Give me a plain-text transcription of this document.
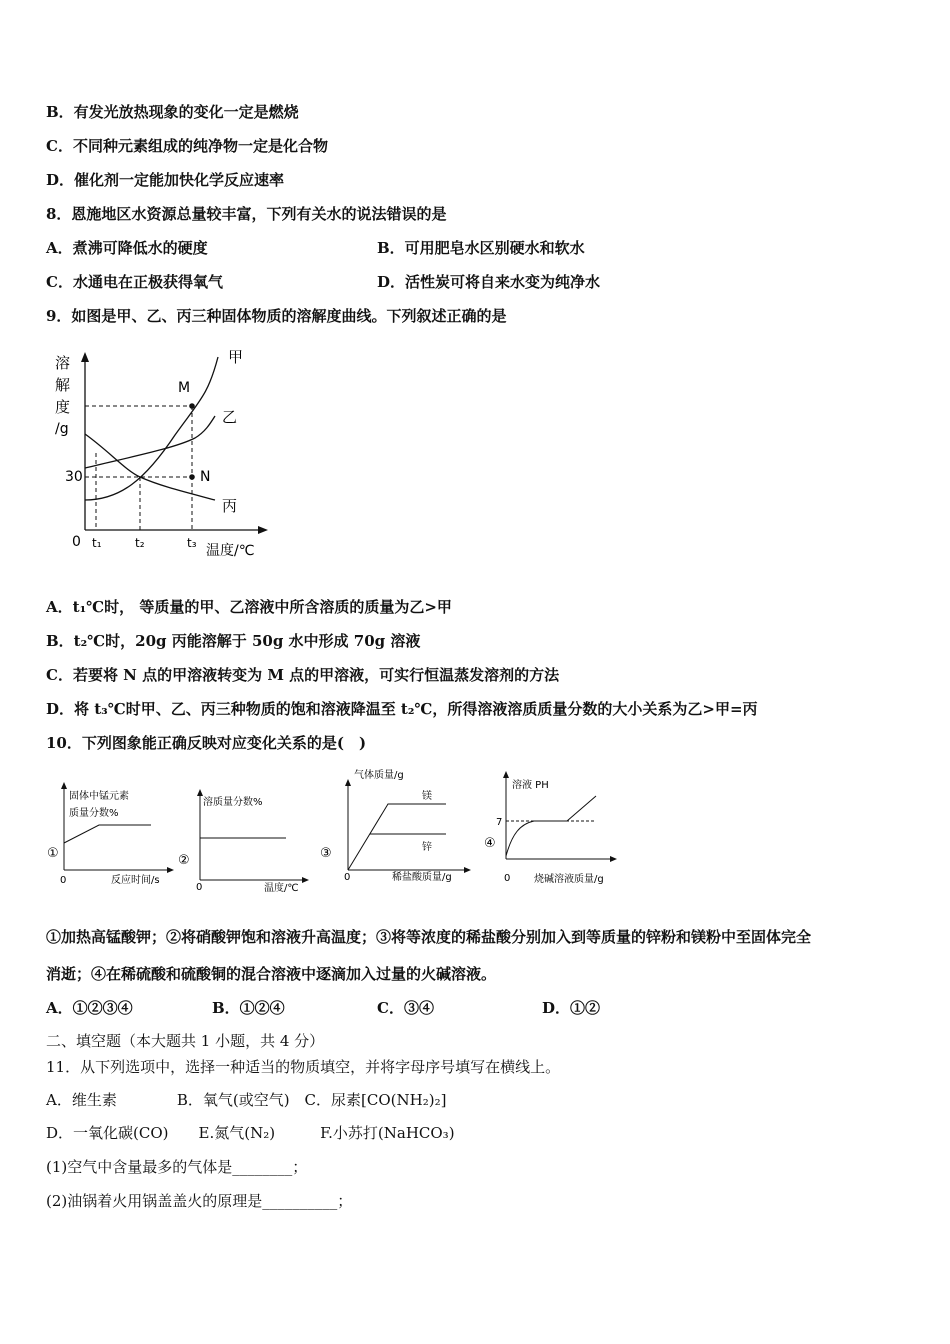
B．有发光放热现象的变化一定是燃烧
C．不同种元素组成的纯净物一定是化合物
D．催化剂一定能加快化学反应速率
8．恩施地区水资源总量较丰富，下列有关水的说法错误的是
A．煮沸可降低水的硬度	B．可用肥皂水区别硬水和软水
C．水通电在正极获得氧气	D．活性炭可将自来水变为纯净水
9．如图是甲、乙、丙三种固体物质的溶解度曲线。下列叙述正确的是
溶
解
度
/g
30
0
M
N
甲
乙
丙
t₁	t₂	t₃ 温度/℃
A．t₁℃时， 等质量的甲、乙溶液中所含溶质的质量为乙>甲
B．t₂℃时，20g 丙能溶解于 50g 水中形成 70g 溶液
C．若要将 N 点的甲溶液转变为 M 点的甲溶液，可实行恒温蒸发溶剂的方法
D．将 t₃℃时甲、乙、丙三种物质的饱和溶液降温至 t₂℃，所得溶液溶质质量分数的大小关系为乙>甲=丙
10．下列图象能正确反映对应变化关系的是(　)
固体中锰元素
质量分数%
①
0	反应时间/s
溶质量分数%
②
0	温度/℃
气体质量/g
镁
锌
③
0	稀盐酸质量/g
溶液 PH
7
④
0 烧碱溶液质量/g
①加热高锰酸钾；②将硝酸钾饱和溶液升高温度；③将等浓度的稀盐酸分别加入到等质量的锌粉和镁粉中至固体完全
消逝；④在稀硫酸和硫酸铜的混合溶液中逐滴加入过量的火碱溶液。
A．①②③④	B．①②④	C．③④	D．①②
二、填空题（本大题共 1 小题，共 4 分）
11．从下列选项中，选择一种适当的物质填空，并将字母序号填写在横线上。
A．维生素　　　　B．氧气(或空气)　C．尿素[CO(NH₂)₂]
D．一氧化碳(CO)　　E.氮气(N₂)　　　F.小苏打(NaHCO₃)
(1)空气中含量最多的气体是________；
(2)油锅着火用锅盖盖火的原理是__________；
